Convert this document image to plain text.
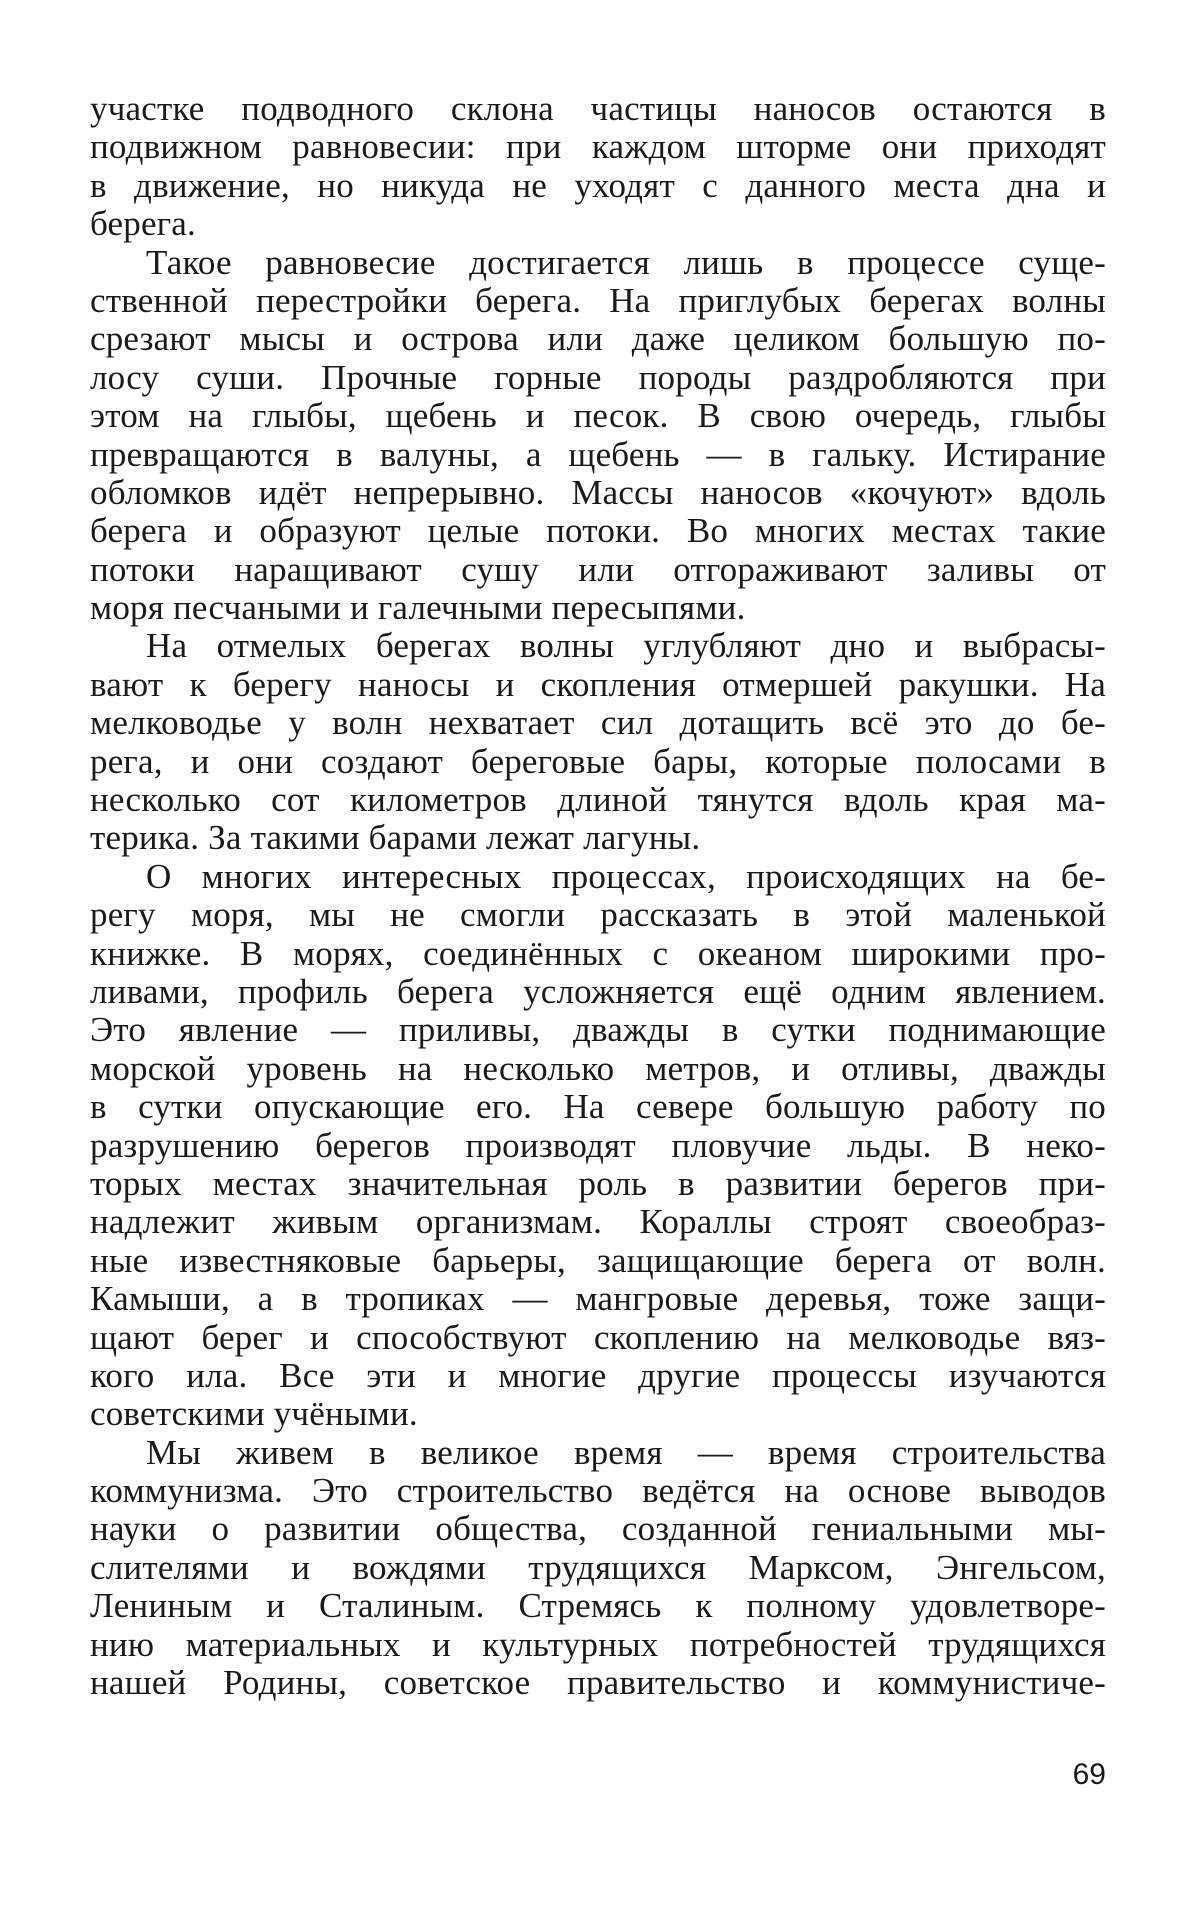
участке подводного склона частицы наносов остаются в
подвижном равновесии: при каждом шторме они приходят
в движение, но никуда не уходят с данного места дна и
берега.
Такое равновесие достигается лишь в процессе суще-
ственной перестройки берега. На приглубых берегах волны
срезают мысы и острова или даже целиком большую по-
лосу суши. Прочные горные породы раздробляются при
этом на глыбы, щебень и песок. В свою очередь, глыбы
превращаются в валуны, а щебень — в гальку. Истирание
обломков идёт непрерывно. Массы наносов «кочуют» вдоль
берега и образуют целые потоки. Во многих местах такие
потоки наращивают сушу или отгораживают заливы от
моря песчаными и галечными пересыпями.
На отмелых берегах волны углубляют дно и выбрасы-
вают к берегу наносы и скопления отмершей ракушки. На
мелководье у волн нехватает сил дотащить всё это до бе-
рега, и они создают береговые бары, которые полосами в
несколько сот километров длиной тянутся вдоль края ма-
терика. За такими барами лежат лагуны.
О многих интересных процессах, происходящих на бе-
регу моря, мы не смогли рассказать в этой маленькой
книжке. В морях, соединённых с океаном широкими про-
ливами, профиль берега усложняется ещё одним явлением.
Это явление — приливы, дважды в сутки поднимающие
морской уровень на несколько метров, и отливы, дважды
в сутки опускающие его. На севере большую работу по
разрушению берегов производят пловучие льды. В неко-
торых местах значительная роль в развитии берегов при-
надлежит живым организмам. Кораллы строят своеобраз-
ные известняковые барьеры, защищающие берега от волн.
Камыши, а в тропиках — мангровые деревья, тоже защи-
щают берег и способствуют скоплению на мелководье вяз-
кого ила. Все эти и многие другие процессы изучаются
советскими учёными.
Мы живем в великое время — время строительства
коммунизма. Это строительство ведётся на основе выводов
науки о развитии общества, созданной гениальными мы-
слителями и вождями трудящихся Марксом, Энгельсом,
Лениным и Сталиным. Стремясь к полному удовлетворе-
нию материальных и культурных потребностей трудящихся
нашей Родины, советское правительство и коммунистиче-
69
